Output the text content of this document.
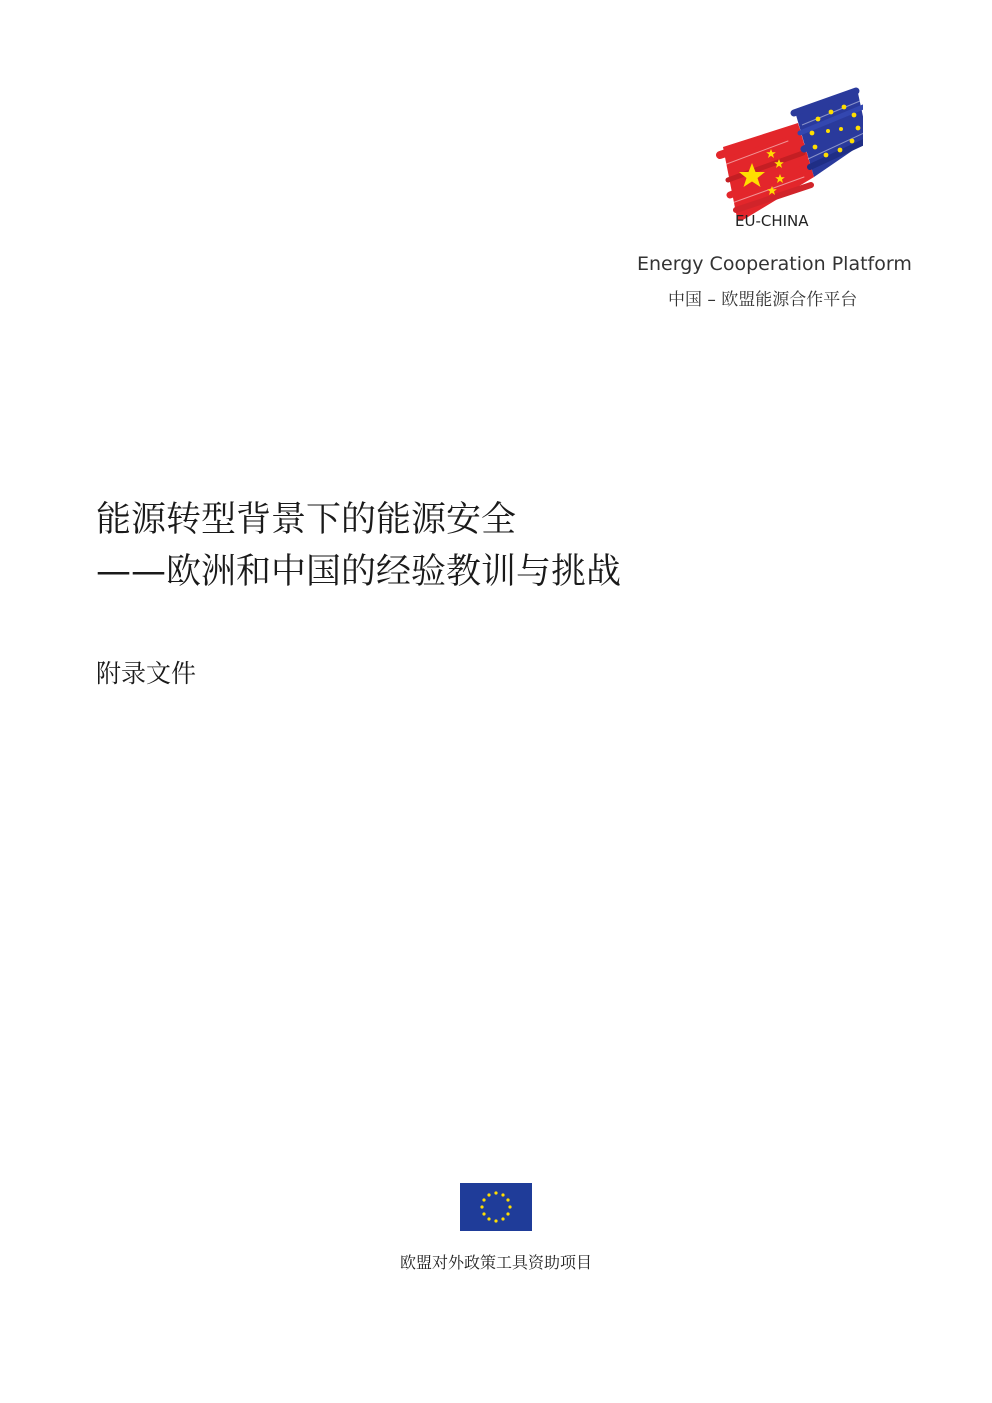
EU-CHINA
Energy Cooperation Platform
中国 – 欧盟能源合作平台
能源转型背景下的能源安全
——欧洲和中国的经验教训与挑战
附录文件
欧盟对外政策工具资助项目
